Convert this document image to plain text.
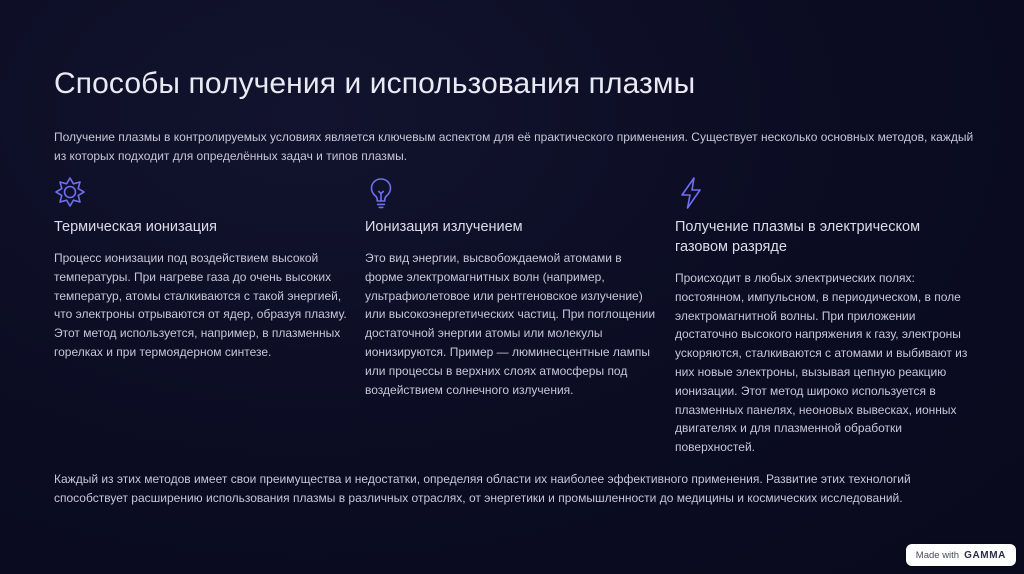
Способы получения и использования плазмы

Получение плазмы в контролируемых условиях является ключевым аспектом для её практического применения. Существует несколько основных методов, каждый из которых подходит для определённых задач и типов плазмы.

Термическая ионизация

Процесс ионизации под воздействием высокой температуры. При нагреве газа до очень высоких температур, атомы сталкиваются с такой энергией, что электроны отрываются от ядер, образуя плазму. Этот метод используется, например, в плазменных горелках и при термоядерном синтезе.

Ионизация излучением

Это вид энергии, высвобождаемой атомами в форме электромагнитных волн (например, ультрафиолетовое или рентгеновское излучение) или высокоэнергетических частиц. При поглощении достаточной энергии атомы или молекулы ионизируются. Пример — люминесцентные лампы или процессы в верхних слоях атмосферы под воздействием солнечного излучения.

Получение плазмы в электрическом газовом разряде

Происходит в любых электрических полях: постоянном, импульсном, в периодическом, в поле электромагнитной волны. При приложении достаточно высокого напряжения к газу, электроны ускоряются, сталкиваются с атомами и выбивают из них новые электроны, вызывая цепную реакцию ионизации. Этот метод широко используется в плазменных панелях, неоновых вывесках, ионных двигателях и для плазменной обработки поверхностей.

Каждый из этих методов имеет свои преимущества и недостатки, определяя области их наиболее эффективного применения. Развитие этих технологий способствует расширению использования плазмы в различных отраслях, от энергетики и промышленности до медицины и космических исследований.

Made with GAMMA
